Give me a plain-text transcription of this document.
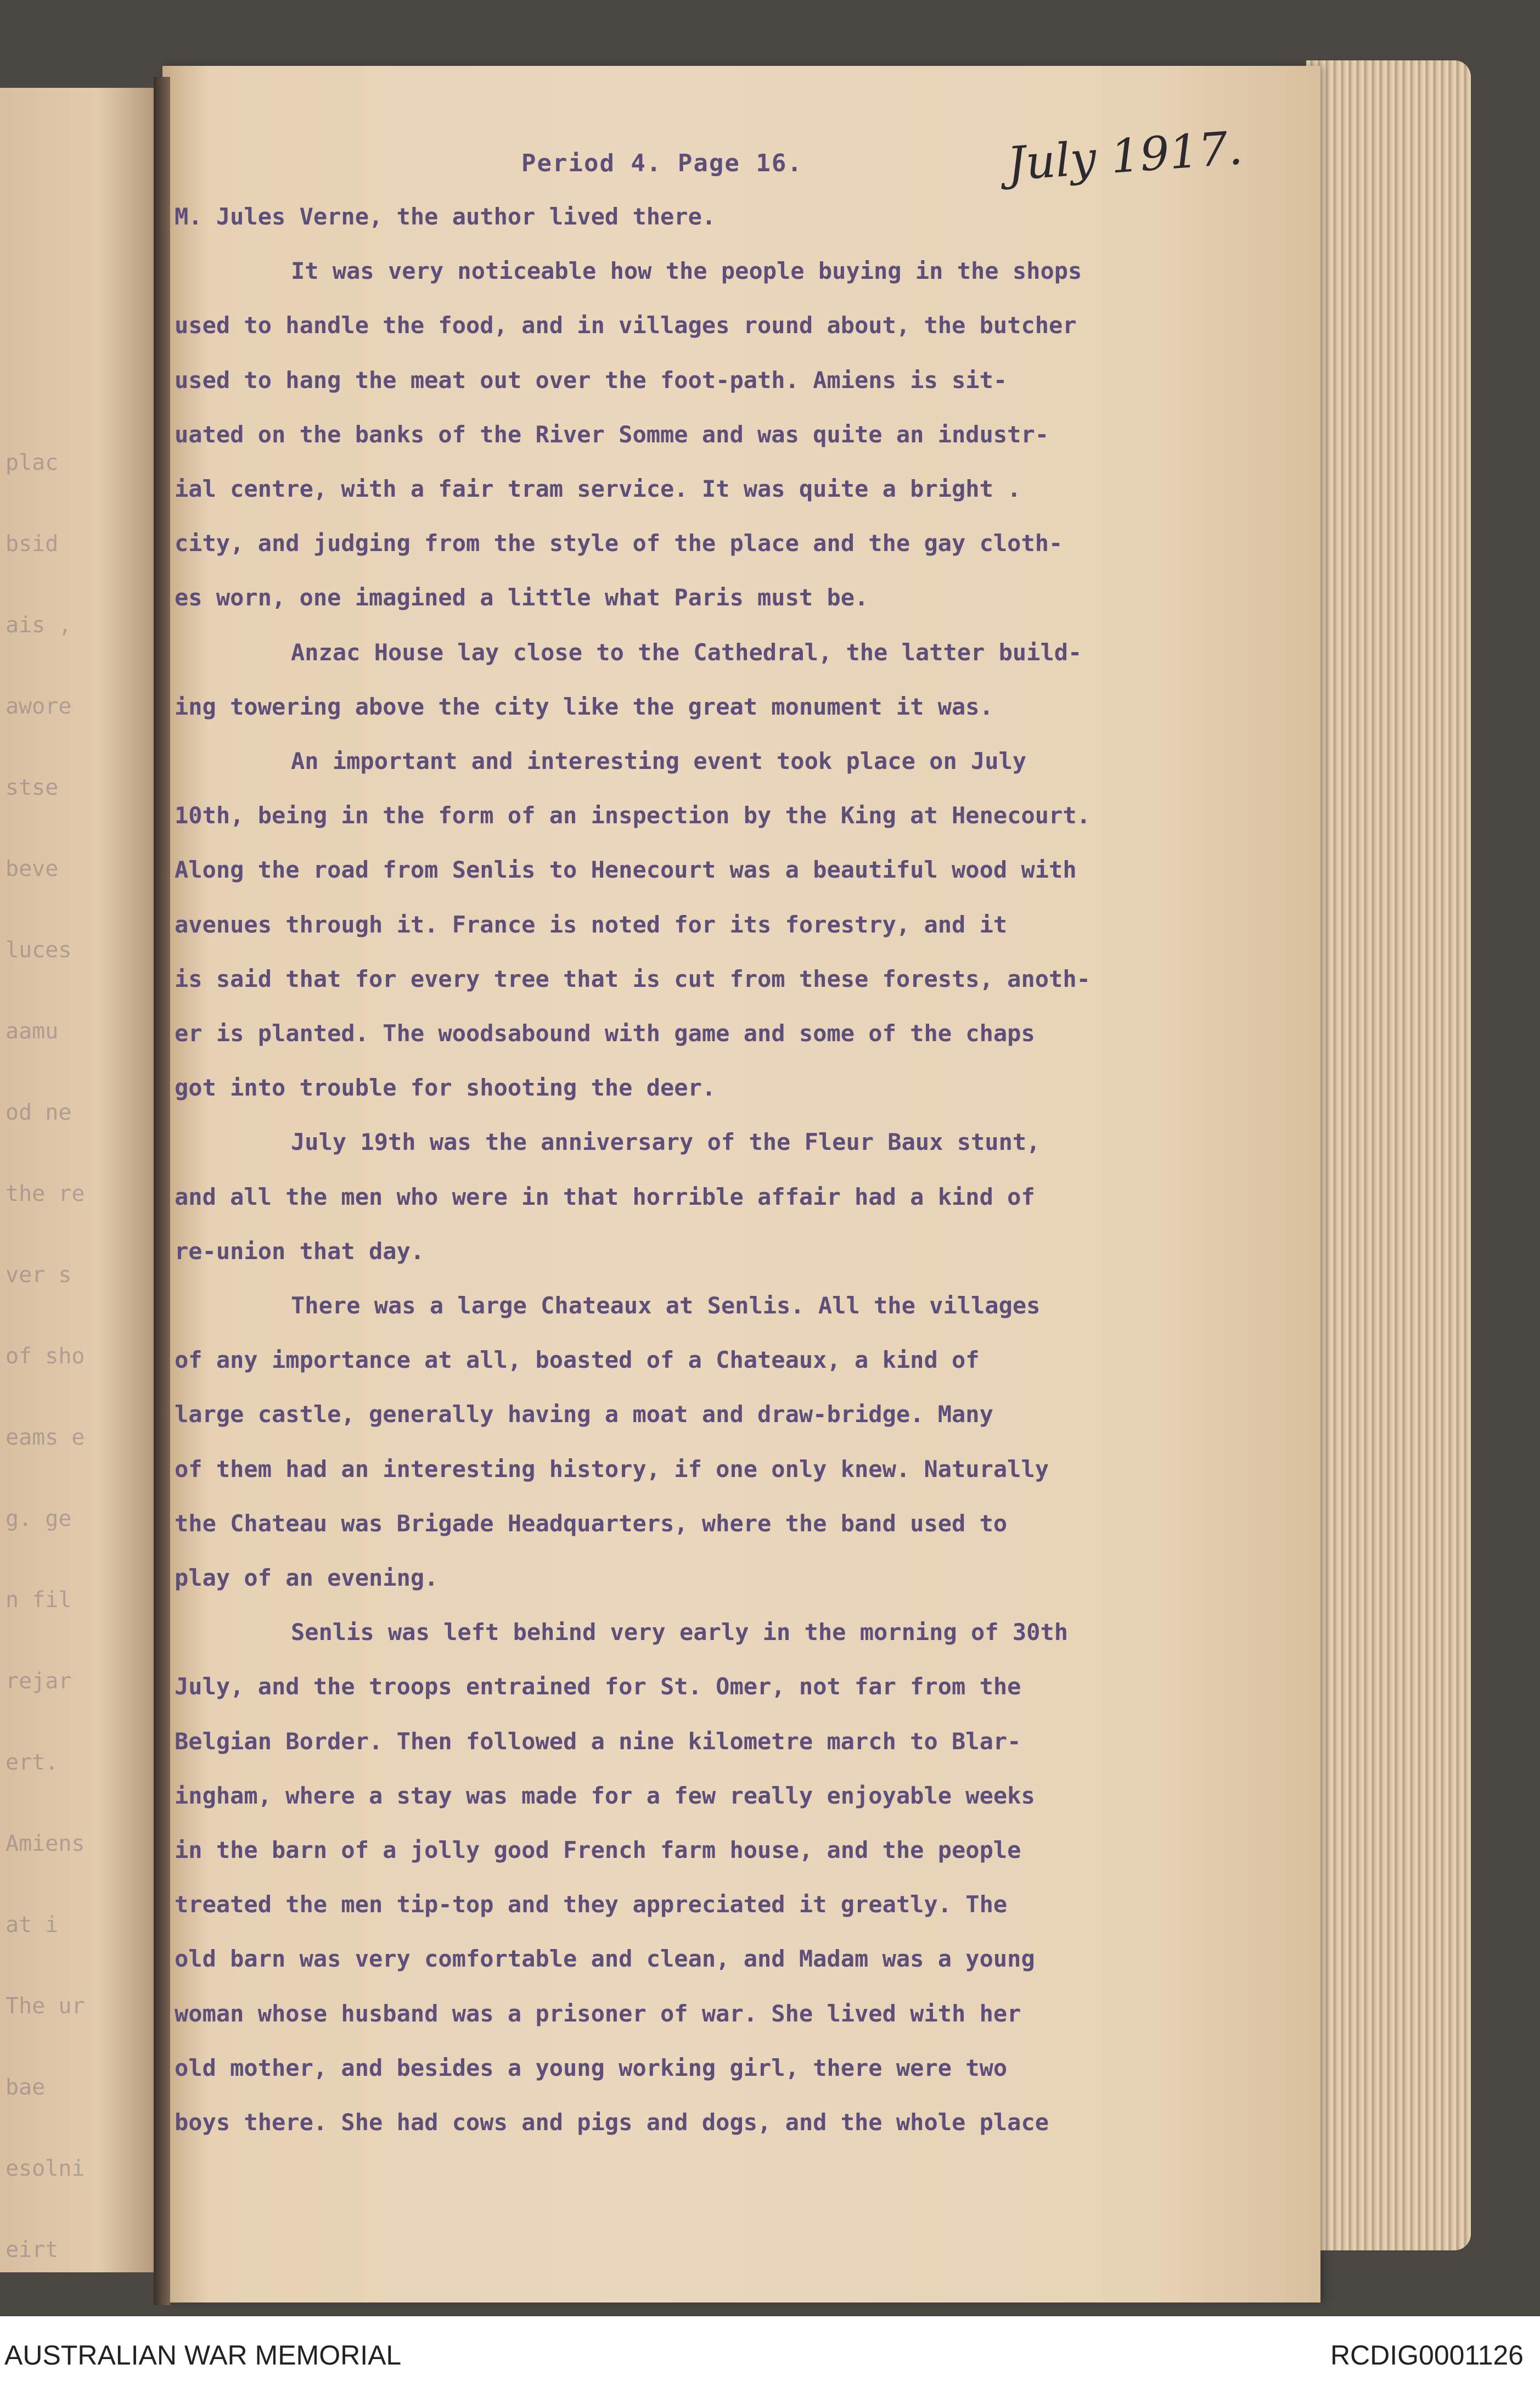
plac
bsid
ais ,
awore
stse
beve
luces
aamu
od ne
the re
ver s
of sho
eams e
g. ge
n fil
rejar
ert.
Amiens
at i
The ur
bae
esolni
eirt
Period 4. Page 16.	July 1917.
M. Jules Verne, the author lived there.
It was very noticeable how the people buying in the shops
used to handle the food, and in villages round about, the butcher
used to hang the meat out over the foot-path. Amiens is sit-
uated on the banks of the River Somme and was quite an industr-
ial centre, with a fair tram service. It was quite a bright .
city, and judging from the style of the place and the gay cloth-
es worn, one imagined a little what Paris must be.
Anzac House lay close to the Cathedral, the latter build-
ing towering above the city like the great monument it was.
An important and interesting event took place on July
10th, being in the form of an inspection by the King at Henecourt.
Along the road from Senlis to Henecourt was a beautiful wood with
avenues through it. France is noted for its forestry, and it
is said that for every tree that is cut from these forests, anoth-
er is planted. The woodsabound with game and some of the chaps
got into trouble for shooting the deer.
July 19th was the anniversary of the Fleur Baux stunt,
and all the men who were in that horrible affair had a kind of
re-union that day.
There was a large Chateaux at Senlis. All the villages
of any importance at all, boasted of a Chateaux, a kind of
large castle, generally having a moat and draw-bridge. Many
of them had an interesting history, if one only knew. Naturally
the Chateau was Brigade Headquarters, where the band used to
play of an evening.
Senlis was left behind very early in the morning of 30th
July, and the troops entrained for St. Omer, not far from the
Belgian Border. Then followed a nine kilometre march to Blar-
ingham, where a stay was made for a few really enjoyable weeks
in the barn of a jolly good French farm house, and the people
treated the men tip-top and they appreciated it greatly. The
old barn was very comfortable and clean, and Madam was a young
woman whose husband was a prisoner of war. She lived with her
old mother, and besides a young working girl, there were two
boys there. She had cows and pigs and dogs, and the whole place
AUSTRALIAN WAR MEMORIAL	RCDIG0001126
